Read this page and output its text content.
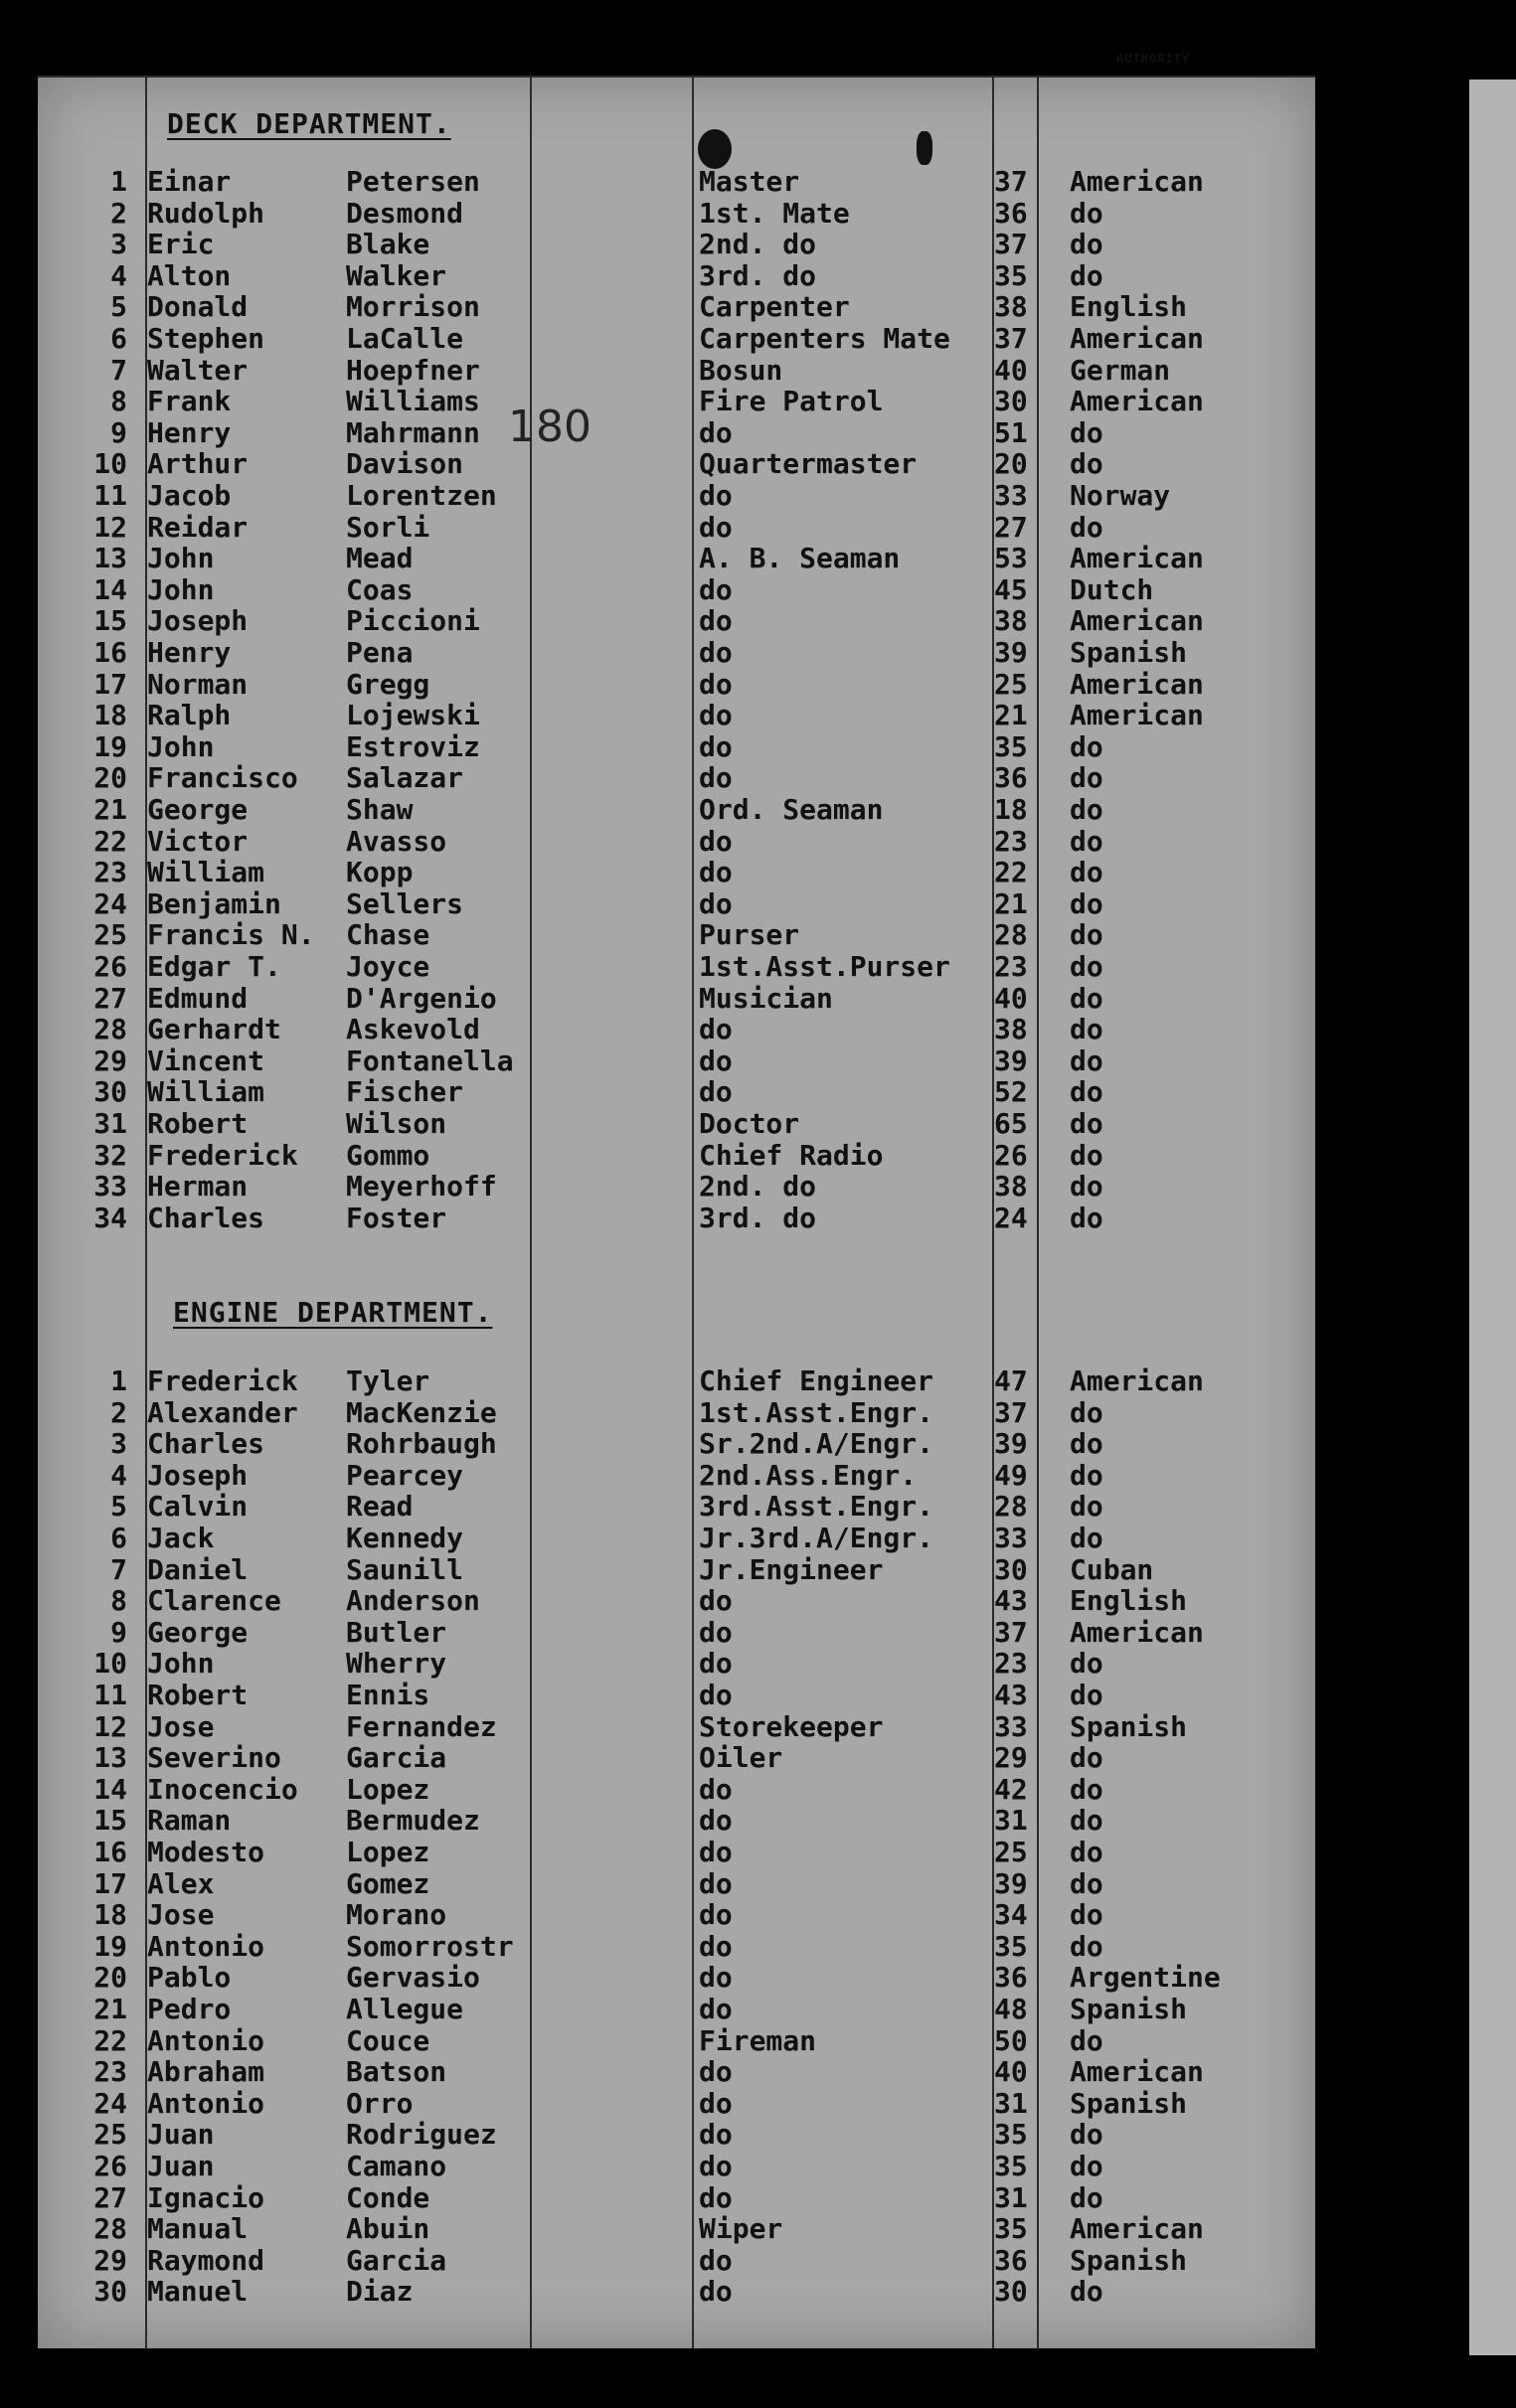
AUTHORITY
DECK DEPARTMENT.
1 Einar	Petersen	Master	37 American
2 Rudolph	Desmond	1st. Mate	36 do
3 Eric	Blake	2nd. do	37 do
4 Alton	Walker	3rd. do	35 do
5 Donald	Morrison	Carpenter	38 English
6 Stephen	LaCalle	Carpenters Mate 37 American
7 Walter	Hoepfner	Bosun	40 German
8 Frank	Williams	Fire Patrol	30 American
9 Henry	Mahrmann	do	51 do
10 Arthur	Davison	Quartermaster	20 do
11 Jacob	Lorentzen	do	33 Norway
12 Reidar	Sorli	do	27 do
13 John	Mead	A. B. Seaman	53 American
14 John	Coas	do	45 Dutch
15 Joseph	Piccioni	do	38 American
16 Henry	Pena	do	39 Spanish
17 Norman	Gregg	do	25 American
18 Ralph	Lojewski	do	21 American
19 John	Estroviz	do	35 do
20 Francisco Salazar	do	36 do
21 George	Shaw	Ord. Seaman	18 do
22 Victor	Avasso	do	23 do
23 William	Kopp	do	22 do
24 Benjamin Sellers	do	21 do
25 Francis N. Chase	Purser	28 do
26 Edgar T. Joyce	1st.Asst.Purser 23 do
27 Edmund	D'Argenio	Musician	40 do
28 Gerhardt Askevold	do	38 do
29 Vincent	Fontanella	do	39 do
30 William	Fischer	do	52 do
31 Robert	Wilson	Doctor	65 do
32 Frederick Gommo	Chief Radio	26 do
33 Herman	Meyerhoff	2nd. do	38 do
34 Charles	Foster	3rd. do	24 do
180
ENGINE DEPARTMENT.
1 Frederick Tyler	Chief Engineer 47 American
2 Alexander MacKenzie	1st.Asst.Engr. 37 do
3 Charles	Rohrbaugh	Sr.2nd.A/Engr. 39 do
4 Joseph	Pearcey	2nd.Ass.Engr.	49 do
5 Calvin	Read	3rd.Asst.Engr. 28 do
6 Jack	Kennedy	Jr.3rd.A/Engr. 33 do
7 Daniel	Saunill	Jr.Engineer	30 Cuban
8 Clarence Anderson	do	43 English
9 George	Butler	do	37 American
10 John	Wherry	do	23 do
11 Robert	Ennis	do	43 do
12 Jose	Fernandez	Storekeeper	33 Spanish
13 Severino Garcia	Oiler	29 do
14 Inocencio Lopez	do	42 do
15 Raman	Bermudez	do	31 do
16 Modesto	Lopez	do	25 do
17 Alex	Gomez	do	39 do
18 Jose	Morano	do	34 do
19 Antonio	Somorrostr	do	35 do
20 Pablo	Gervasio	do	36 Argentine
21 Pedro	Allegue	do	48 Spanish
22 Antonio	Couce	Fireman	50 do
23 Abraham	Batson	do	40 American
24 Antonio	Orro	do	31 Spanish
25 Juan	Rodriguez	do	35 do
26 Juan	Camano	do	35 do
27 Ignacio	Conde	do	31 do
28 Manual	Abuin	Wiper	35 American
29 Raymond	Garcia	do	36 Spanish
30 Manuel	Diaz	do	30 do
